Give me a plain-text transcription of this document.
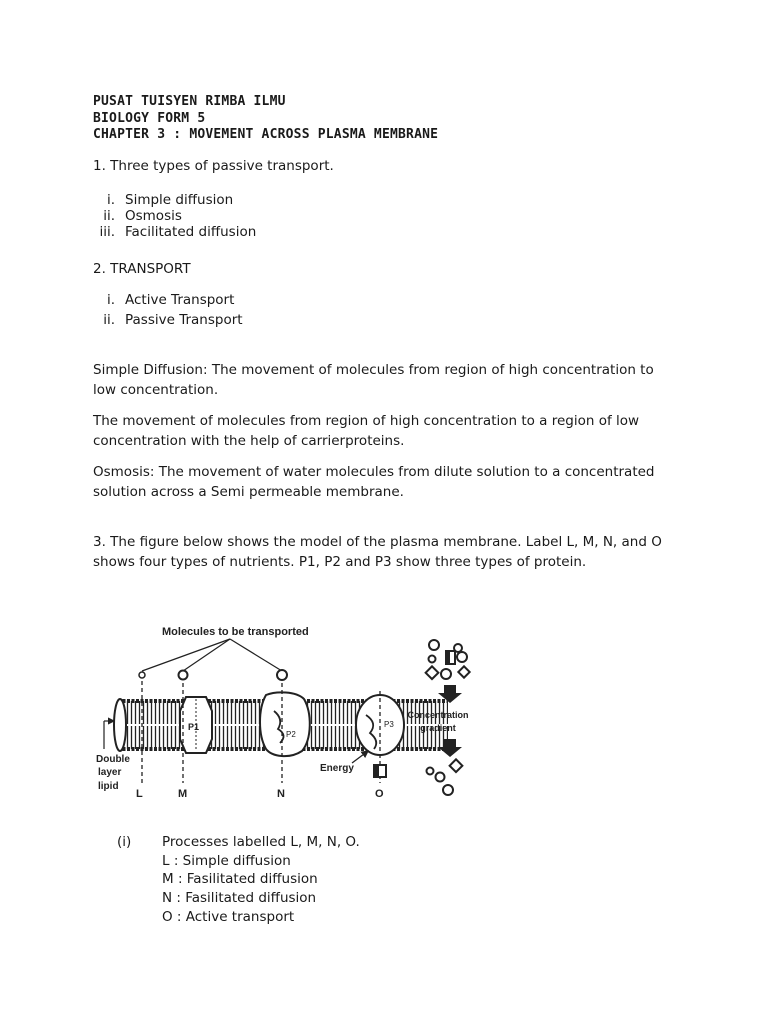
PUSAT TUISYEN RIMBA ILMU
BIOLOGY FORM 5
CHAPTER 3 : MOVEMENT ACROSS PLASMA MEMBRANE
1. Three types of passive transport.
i. Simple diffusion
ii. Osmosis
iii. Facilitated diffusion
2. TRANSPORT
i. Active Transport
ii. Passive Transport
Simple Diffusion: The movement of molecules from region of high concentration to low concentration.
The movement of molecules from region of high concentration to a region of low concentration with the help of carrierproteins.
Osmosis: The movement of water molecules from dilute solution to a concentrated solution across a Semi permeable membrane.
3. The figure below shows the model of the plasma membrane. Label L, M, N, and O shows four types of nutrients. P1, P2 and P3 show three types of protein.
Molecules to be transported
P1
P2
P3
Double
layer
lipid
L	M	N	O
Energy
Concentration
gradient
(i) Processes labelled L, M, N, O.
L : Simple diffusion
M : Fasilitated diffusion
N : Fasilitated diffusion
O : Active transport
